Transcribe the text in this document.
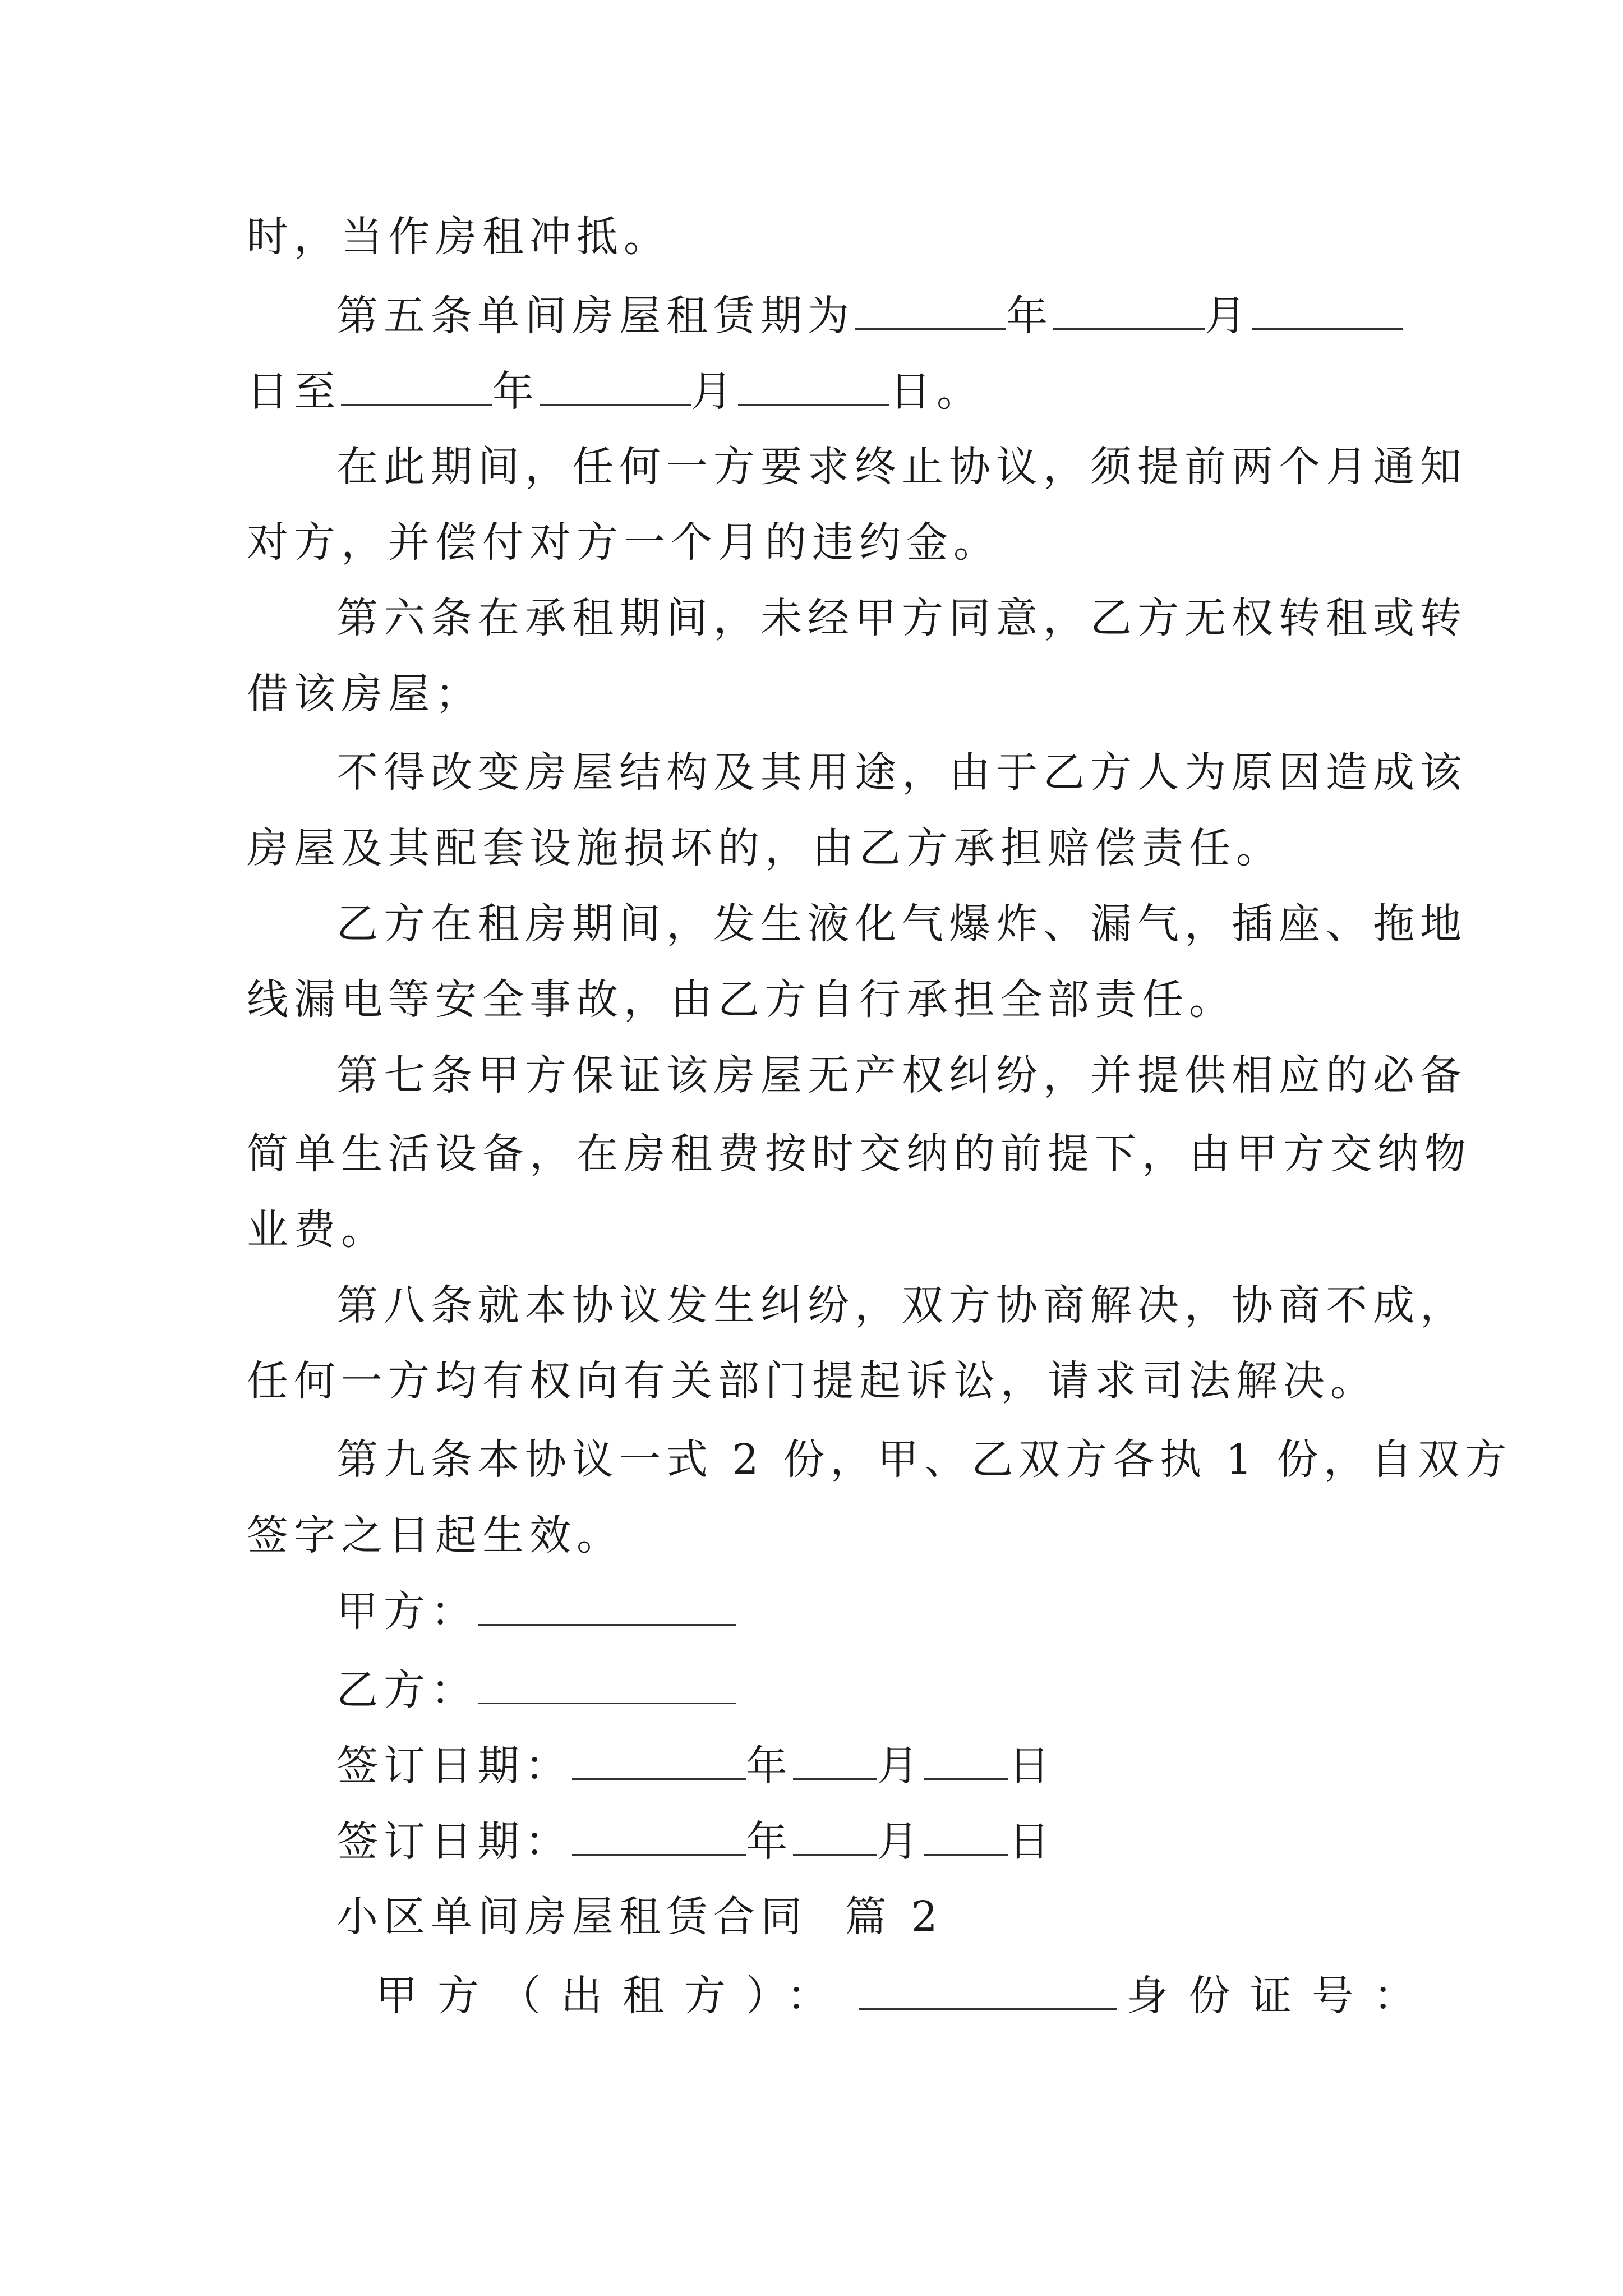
时，当作房租冲抵。
第五条单间房屋租赁期为	年	月
日至	年	月	日。
在此期间，任何一方要求终止协议，须提前两个月通知
对方，并偿付对方一个月的违约金。
第六条在承租期间，未经甲方同意，乙方无权转租或转
借该房屋；
不得改变房屋结构及其用途，由于乙方人为原因造成该
房屋及其配套设施损坏的，由乙方承担赔偿责任。
乙方在租房期间，发生液化气爆炸、漏气，插座、拖地
线漏电等安全事故，由乙方自行承担全部责任。
第七条甲方保证该房屋无产权纠纷，并提供相应的必备
简单生活设备，在房租费按时交纳的前提下，由甲方交纳物
业费。
第八条就本协议发生纠纷，双方协商解决，协商不成，
任何一方均有权向有关部门提起诉讼，请求司法解决。
第九条本协议一式 2 份，甲、乙双方各执 1 份，自双方
签字之日起生效。
甲方：
乙方：
签订日期：	年 月 日
签订日期：	年 月 日
小区单间房屋租赁合同  篇 2
甲方（出租方）：	身份证号：
